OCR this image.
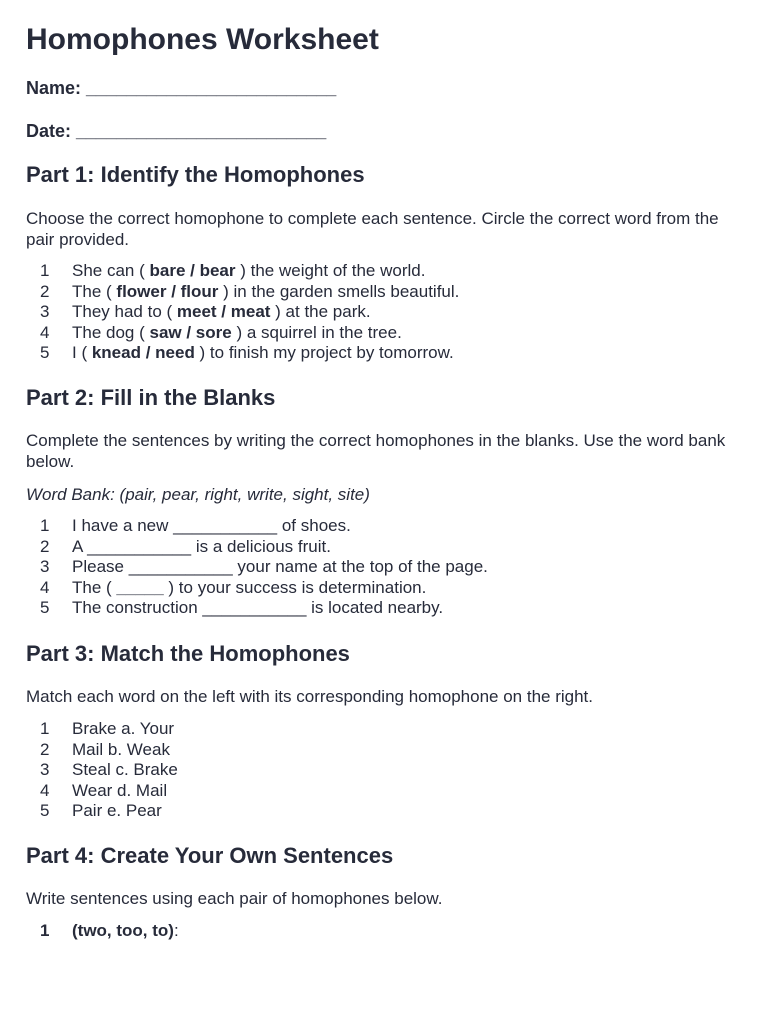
Homophones Worksheet
Name: _________________________
Date: _________________________
Part 1: Identify the Homophones
Choose the correct homophone to complete each sentence. Circle the correct word from the pair provided.
1 She can ( bare / bear ) the weight of the world.
2 The ( flower / flour ) in the garden smells beautiful.
3 They had to ( meet / meat ) at the park.
4 The dog ( saw / sore ) a squirrel in the tree.
5 I ( knead / need ) to finish my project by tomorrow.
Part 2: Fill in the Blanks
Complete the sentences by writing the correct homophones in the blanks. Use the word bank below.
Word Bank: (pair, pear, right, write, sight, site)
1 I have a new ___________ of shoes.
2 A ___________ is a delicious fruit.
3 Please ___________ your name at the top of the page.
4 The ( _____ ) to your success is determination.
5 The construction ___________ is located nearby.
Part 3: Match the Homophones
Match each word on the left with its corresponding homophone on the right.
1 Brake a. Your
2 Mail b. Weak
3 Steal c. Brake
4 Wear d. Mail
5 Pair e. Pear
Part 4: Create Your Own Sentences
Write sentences using each pair of homophones below.
1 (two, too, to):
